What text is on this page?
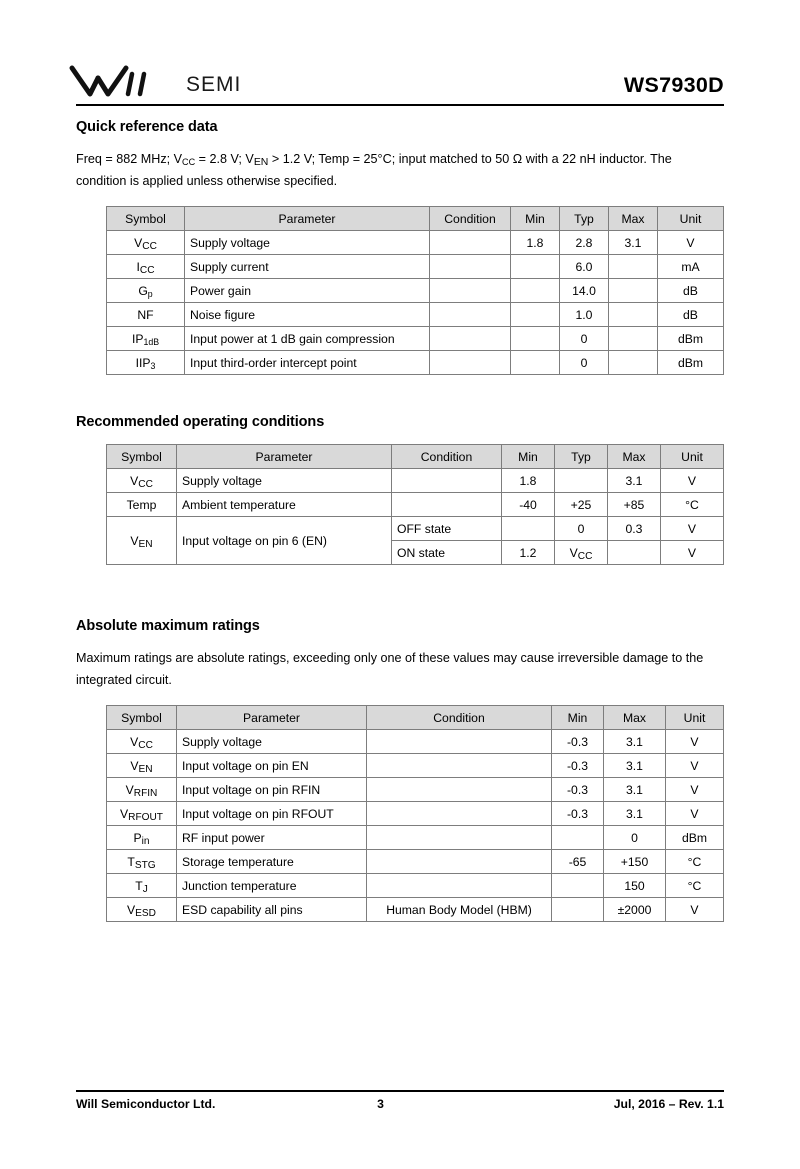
SEMI	WS7930D
Quick reference data

Freq = 882 MHz; $V_{CC} = 2.8$ V; $V_{EN} > 1.2$ V; Temp = 25°C; input matched to 50 Ω with a 22 nH inductor. The condition is applied unless otherwise specified.

Symbol	Parameter	Condition	Min	Typ	Max	Unit
$V_{CC}$	Supply voltage		1.8	2.8	3.1	V
$I_{CC}$	Supply current			6.0		mA
$G_p$	Power gain			14.0		dB
NF	Noise figure			1.0		dB
$IP_{1dB}$	Input power at 1 dB gain compression			0		dBm
$IIP_3$	Input third-order intercept point			0		dBm
Recommended operating conditions
Symbol	Parameter	Condition	Min	Typ	Max	Unit
$V_{CC}$	Supply voltage		1.8		3.1	V
Temp	Ambient temperature		-40	+25	+85	°C
$V_{EN}$	Input voltage on pin 6 (EN)	OFF state		0	0.3	V
		ON state	1.2	$V_{CC}$		V
Absolute maximum ratings

Maximum ratings are absolute ratings, exceeding only one of these values may cause irreversible damage to the integrated circuit.

Symbol	Parameter	Condition	Min	Max	Unit
$V_{CC}$	Supply voltage		-0.3	3.1	V
$V_{EN}$	Input voltage on pin EN		-0.3	3.1	V
$V_{RFIN}$	Input voltage on pin RFIN		-0.3	3.1	V
$V_{RFOUT}$	Input voltage on pin RFOUT		-0.3	3.1	V
$P_{in}$	RF input power			0	dBm
$T_{STG}$	Storage temperature		-65	+150	°C
$T_J$	Junction temperature			150	°C
$V_{ESD}$	ESD capability all pins	Human Body Model (HBM)		±2000	V
Will Semiconductor Ltd.	3	Jul, 2016 – Rev. 1.1
